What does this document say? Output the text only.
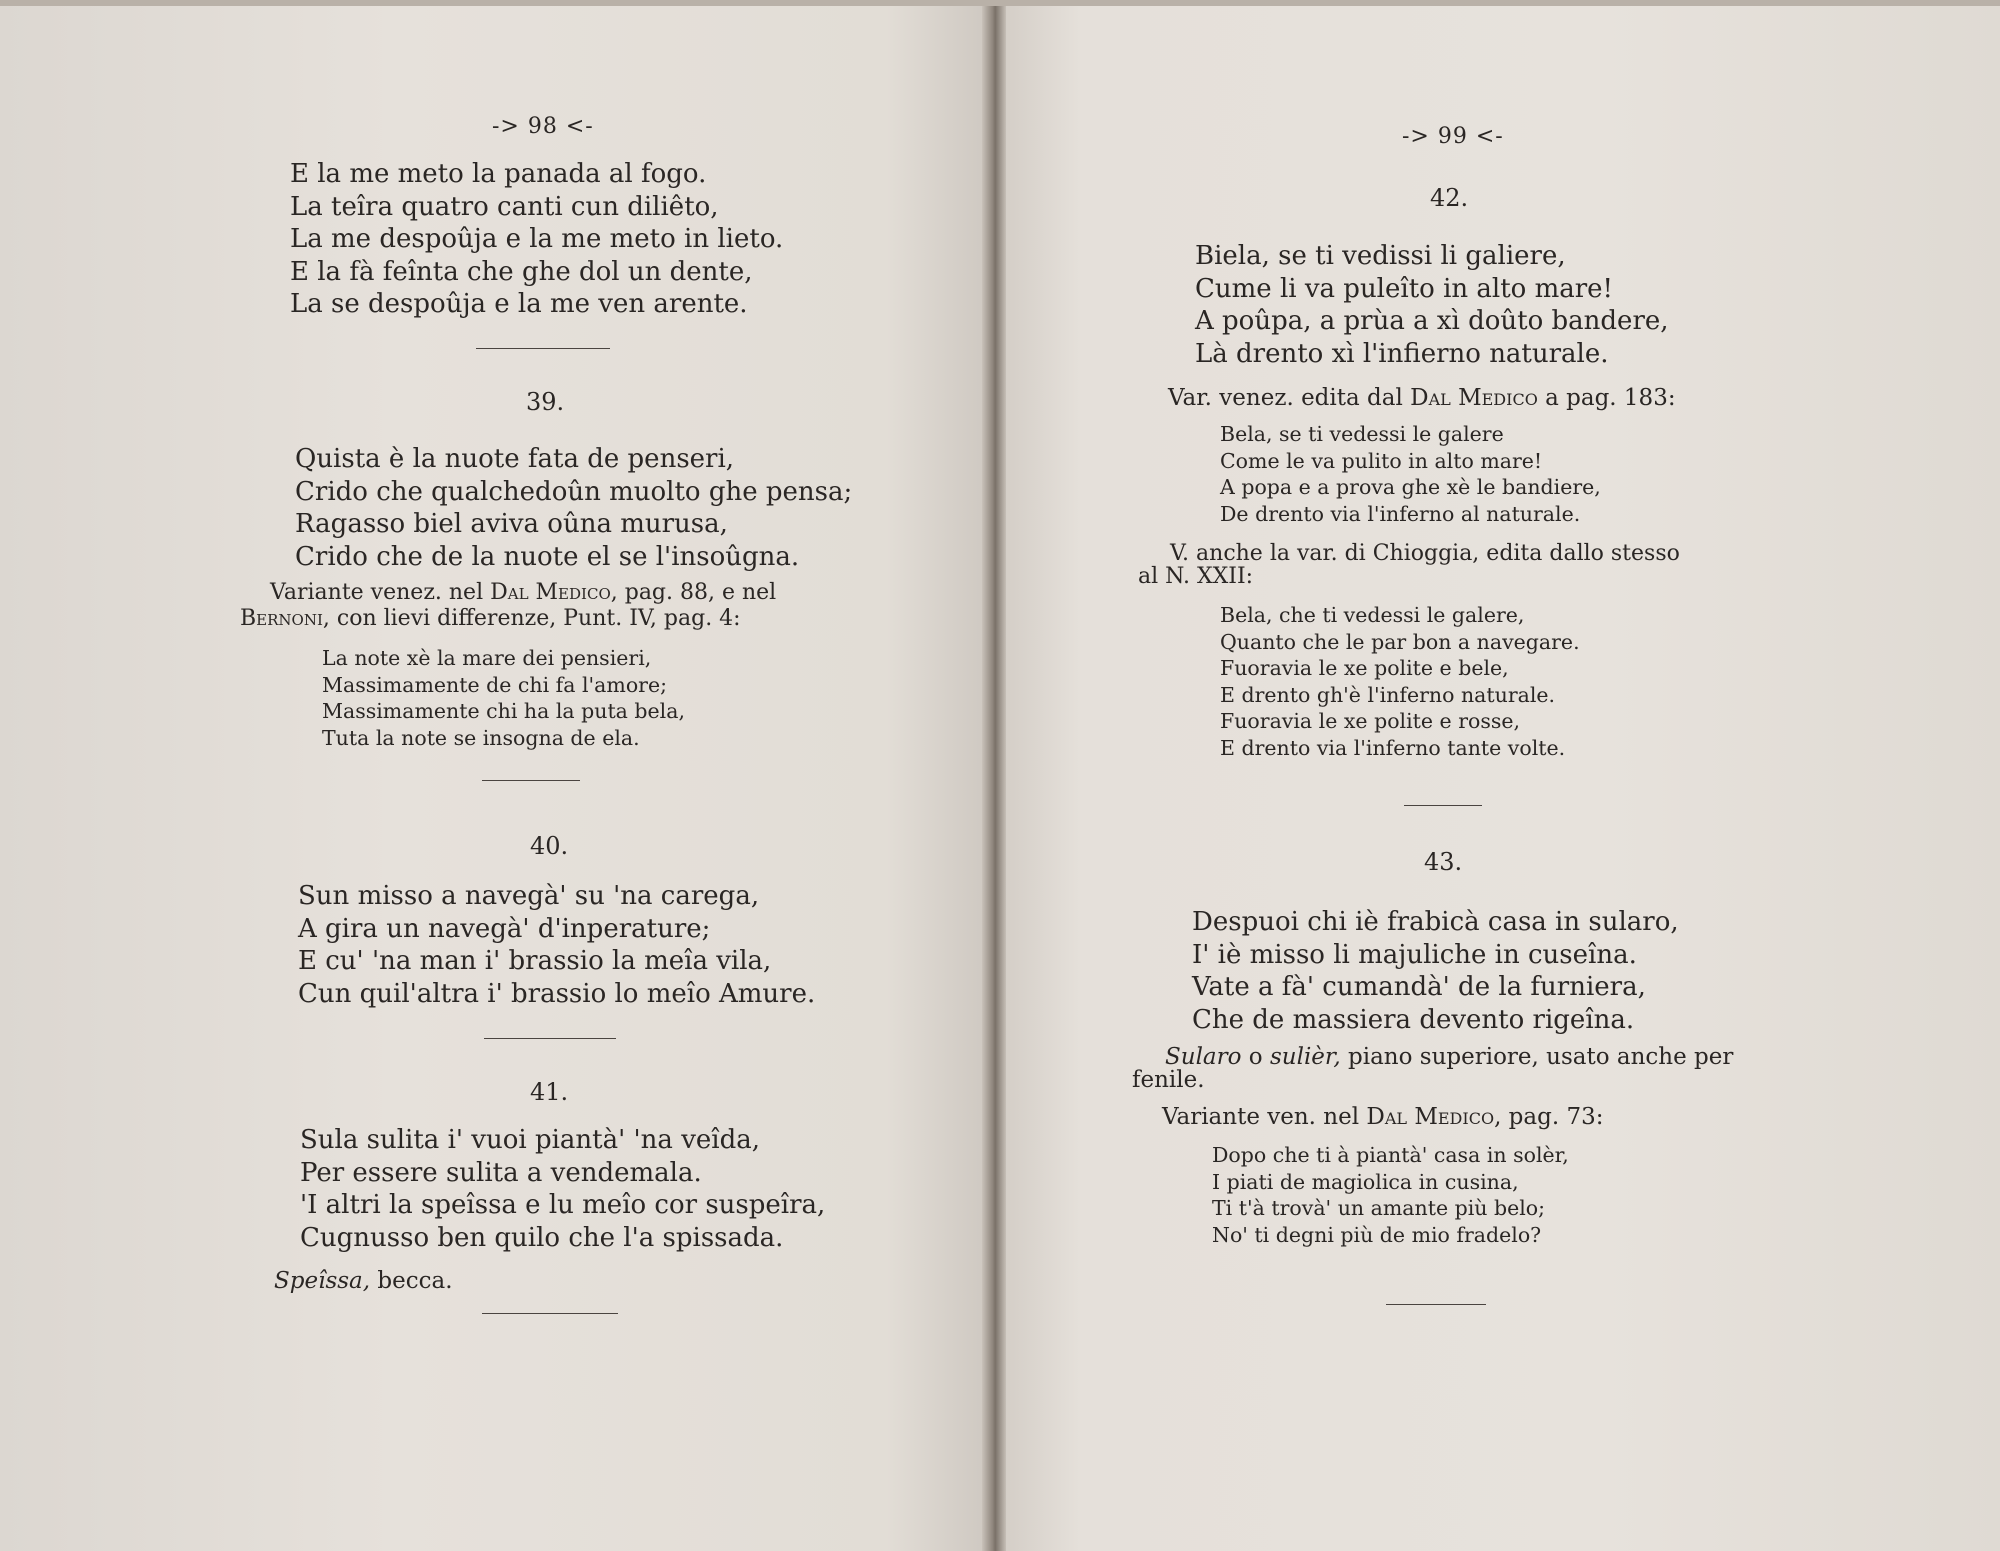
-> 98 <-
E la me meto la panada al fogo.
La teîra quatro canti cun diliêto,
La me despoûja e la me meto in lieto.
E la fà feînta che ghe dol un dente,
La se despoûja e la me ven arente.
39.
Quista è la nuote fata de penseri,
Crido che qualchedoûn muolto ghe pensa;
Ragasso biel aviva oûna murusa,
Crido che de la nuote el se l'insoûgna.
Variante venez. nel Dal Medico, pag. 88, e nel
Bernoni, con lievi differenze, Punt. IV, pag. 4:
La note xè la mare dei pensieri,
Massimamente de chi fa l'amore;
Massimamente chi ha la puta bela,
Tuta la note se insogna de ela.
40.
Sun misso a navegà' su 'na carega,
A gira un navegà' d'inperature;
E cu' 'na man i' brassio la meîa vila,
Cun quil'altra i' brassio lo meîo Amure.
41.
Sula sulita i' vuoi piantà' 'na veîda,
Per essere sulita a vendemala.
'I altri la speîssa e lu meîo cor suspeîra,
Cugnusso ben quilo che l'a spissada.
Speîssa, becca.
-> 99 <-
42.
Biela, se ti vedissi li galiere,
Cume li va puleîto in alto mare!
A poûpa, a prùa a xì doûto bandere,
Là drento xì l'infierno naturale.
Var. venez. edita dal Dal Medico a pag. 183:
Bela, se ti vedessi le galere
Come le va pulito in alto mare!
A popa e a prova ghe xè le bandiere,
De drento via l'inferno al naturale.
V. anche la var. di Chioggia, edita dallo stesso
al N. XXII:
Bela, che ti vedessi le galere,
Quanto che le par bon a navegare.
Fuoravia le xe polite e bele,
E drento gh'è l'inferno naturale.
Fuoravia le xe polite e rosse,
E drento via l'inferno tante volte.
43.
Despuoi chi iè frabicà casa in sularo,
I' iè misso li majuliche in cuseîna.
Vate a fà' cumandà' de la furniera,
Che de massiera devento rigeîna.
Sularo o sulièr, piano superiore, usato anche per
fenile.
Variante ven. nel Dal Medico, pag. 73:
Dopo che ti à piantà' casa in solèr,
I piati de magiolica in cusina,
Ti t'à trovà' un amante più belo;
No' ti degni più de mio fradelo?
